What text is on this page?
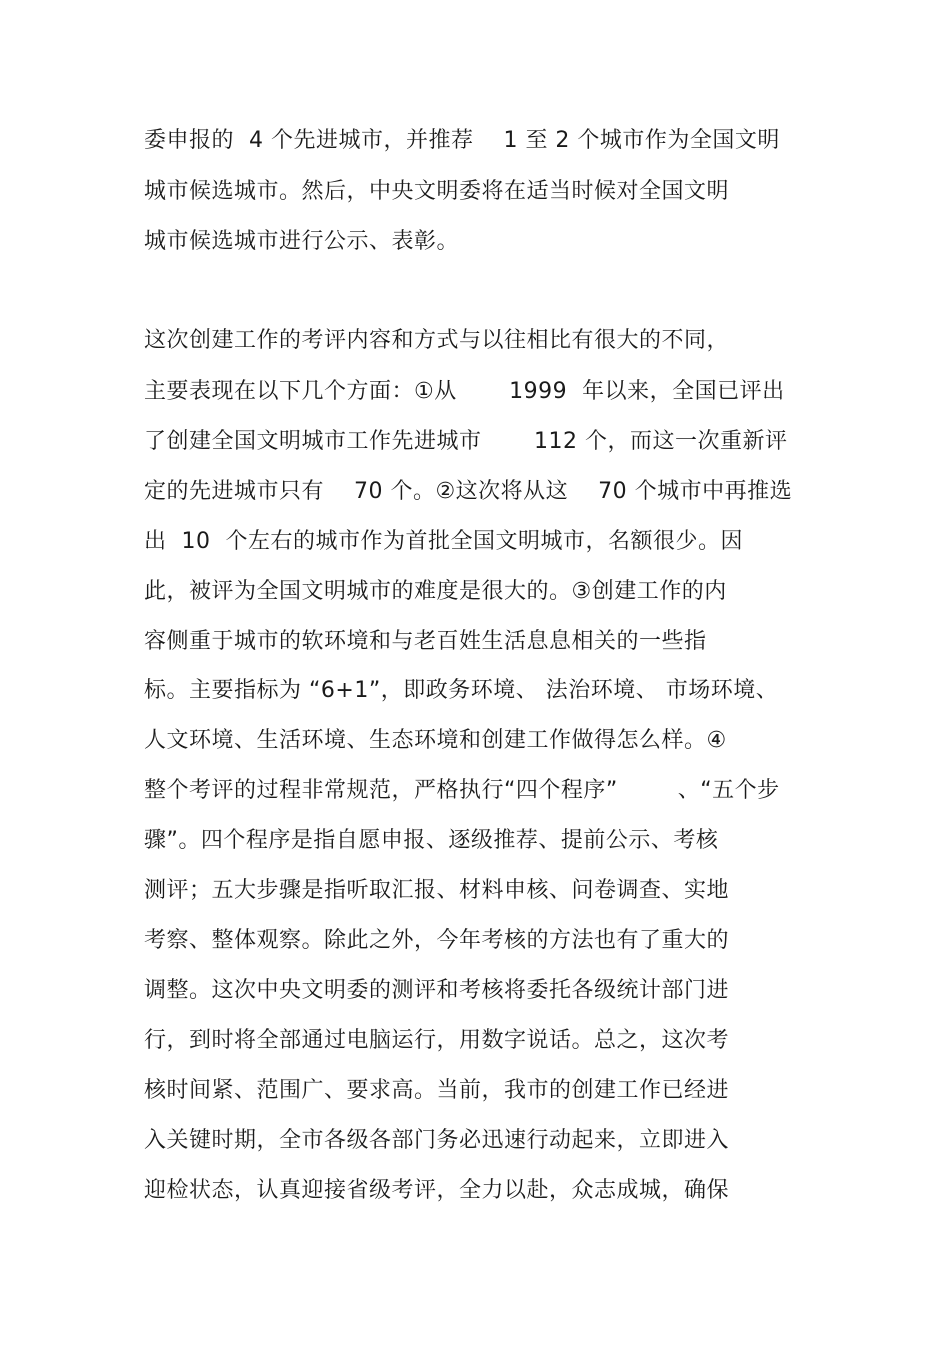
委申报的  4 个先进城市，并推荐    1 至 2 个城市作为全国文明
城市候选城市。然后，中央文明委将在适当时候对全国文明
城市候选城市进行公示、表彰。
这次创建工作的考评内容和方式与以往相比有很大的不同，
主要表现在以下几个方面：①从       1999  年以来，全国已评出
了创建全国文明城市工作先进城市       112 个，而这一次重新评
定的先进城市只有    70 个。②这次将从这    70 个城市中再推选
出  10  个左右的城市作为首批全国文明城市，名额很少。因
此，被评为全国文明城市的难度是很大的。③创建工作的内
容侧重于城市的软环境和与老百姓生活息息相关的一些指
标。主要指标为 “6+1”，即政务环境、 法治环境、 市场环境、
人文环境、生活环境、生态环境和创建工作做得怎么样。④
整个考评的过程非常规范，严格执行“四个程序”        、“五个步
骤”。四个程序是指自愿申报、逐级推荐、提前公示、考核
测评；五大步骤是指听取汇报、材料申核、问卷调查、实地
考察、整体观察。除此之外，今年考核的方法也有了重大的
调整。这次中央文明委的测评和考核将委托各级统计部门进
行，到时将全部通过电脑运行，用数字说话。总之，这次考
核时间紧、范围广、要求高。当前，我市的创建工作已经进
入关键时期，全市各级各部门务必迅速行动起来，立即进入
迎检状态，认真迎接省级考评，全力以赴，众志成城，确保
